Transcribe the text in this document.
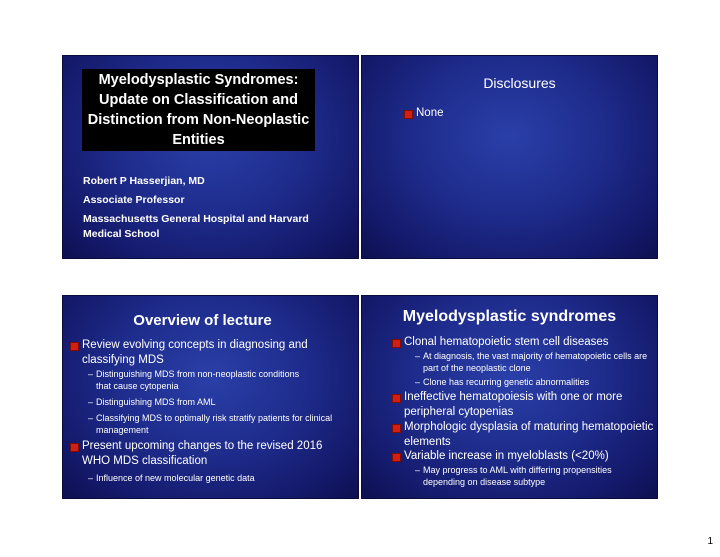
Myelodysplastic Syndromes: Update on Classification and Distinction from Non-Neoplastic Entities
Robert P Hasserjian, MD
Associate Professor
Massachusetts General Hospital and Harvard Medical School
Disclosures
None
Overview of lecture
Review evolving concepts in diagnosing and classifying MDS
– Distinguishing MDS from non-neoplastic conditions that cause cytopenia
– Distinguishing MDS from AML
– Classifying MDS to optimally risk stratify patients for clinical management
Present upcoming changes to the revised 2016 WHO MDS classification
– Influence of new molecular genetic data
Myelodysplastic syndromes
Clonal hematopoietic stem cell diseases
– At diagnosis, the vast majority of hematopoietic cells are part of the neoplastic clone
– Clone has recurring genetic abnormalities
Ineffective hematopoiesis with one or more peripheral cytopenias
Morphologic dysplasia of maturing hematopoietic elements
Variable increase in myeloblasts (<20%)
– May progress to AML with differing propensities depending on disease subtype
1
